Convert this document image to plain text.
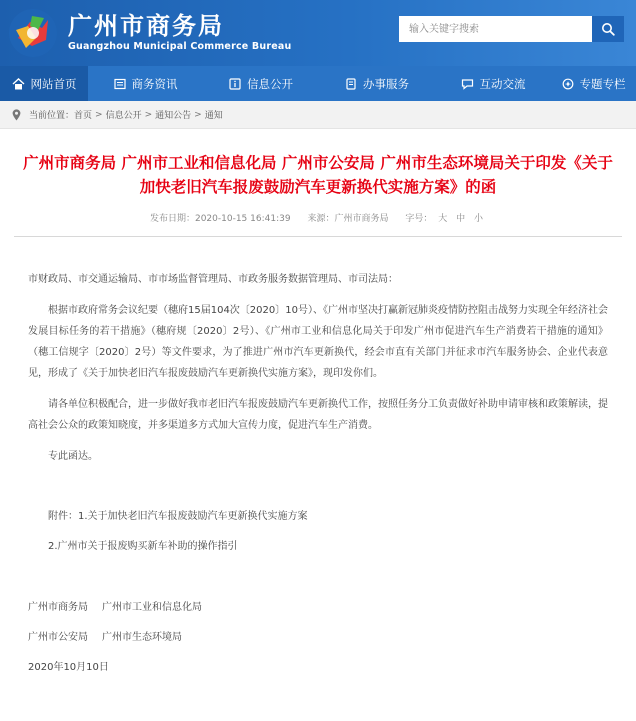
广州市商务局
Guangzhou Municipal Commerce Bureau
输入关键字搜索
网站首页	商务资讯	信息公开	办事服务	互动交流	专题专栏
当前位置： 首页 > 信息公开 > 通知公告 > 通知
广州市商务局 广州市工业和信息化局 广州市公安局 广州市生态环境局关于印发《关于加快老旧汽车报废鼓励汽车更新换代实施方案》的函
发布日期：2020-10-15 16:41:39 来源：广州市商务局 字号： 大 中 小

市财政局、市交通运输局、市市场监督管理局、市政务服务数据管理局、市司法局：

根据市政府常务会议纪要（穗府15届104次〔2020〕10号）、《广州市坚决打赢新冠肺炎疫情防控阻击战努力实现全年经济社会发展目标任务的若干措施》（穗府规〔2020〕2号）、《广州市工业和信息化局关于印发广州市促进汽车生产消费若干措施的通知》（穗工信规字〔2020〕2号）等文件要求，为了推进广州市汽车更新换代，经会市直有关部门并征求市汽车服务协会、企业代表意见，形成了《关于加快老旧汽车报废鼓励汽车更新换代实施方案》，现印发你们。

请各单位积极配合，进一步做好我市老旧汽车报废鼓励汽车更新换代工作，按照任务分工负责做好补助申请审核和政策解读，提高社会公众的政策知晓度，并多渠道多方式加大宣传力度，促进汽车生产消费。

专此函达。

附件：1.关于加快老旧汽车报废鼓励汽车更新换代实施方案

2.广州市关于报废购买新车补助的操作指引

广州市商务局 广州市工业和信息化局

广州市公安局 广州市生态环境局

2020年10月10日
